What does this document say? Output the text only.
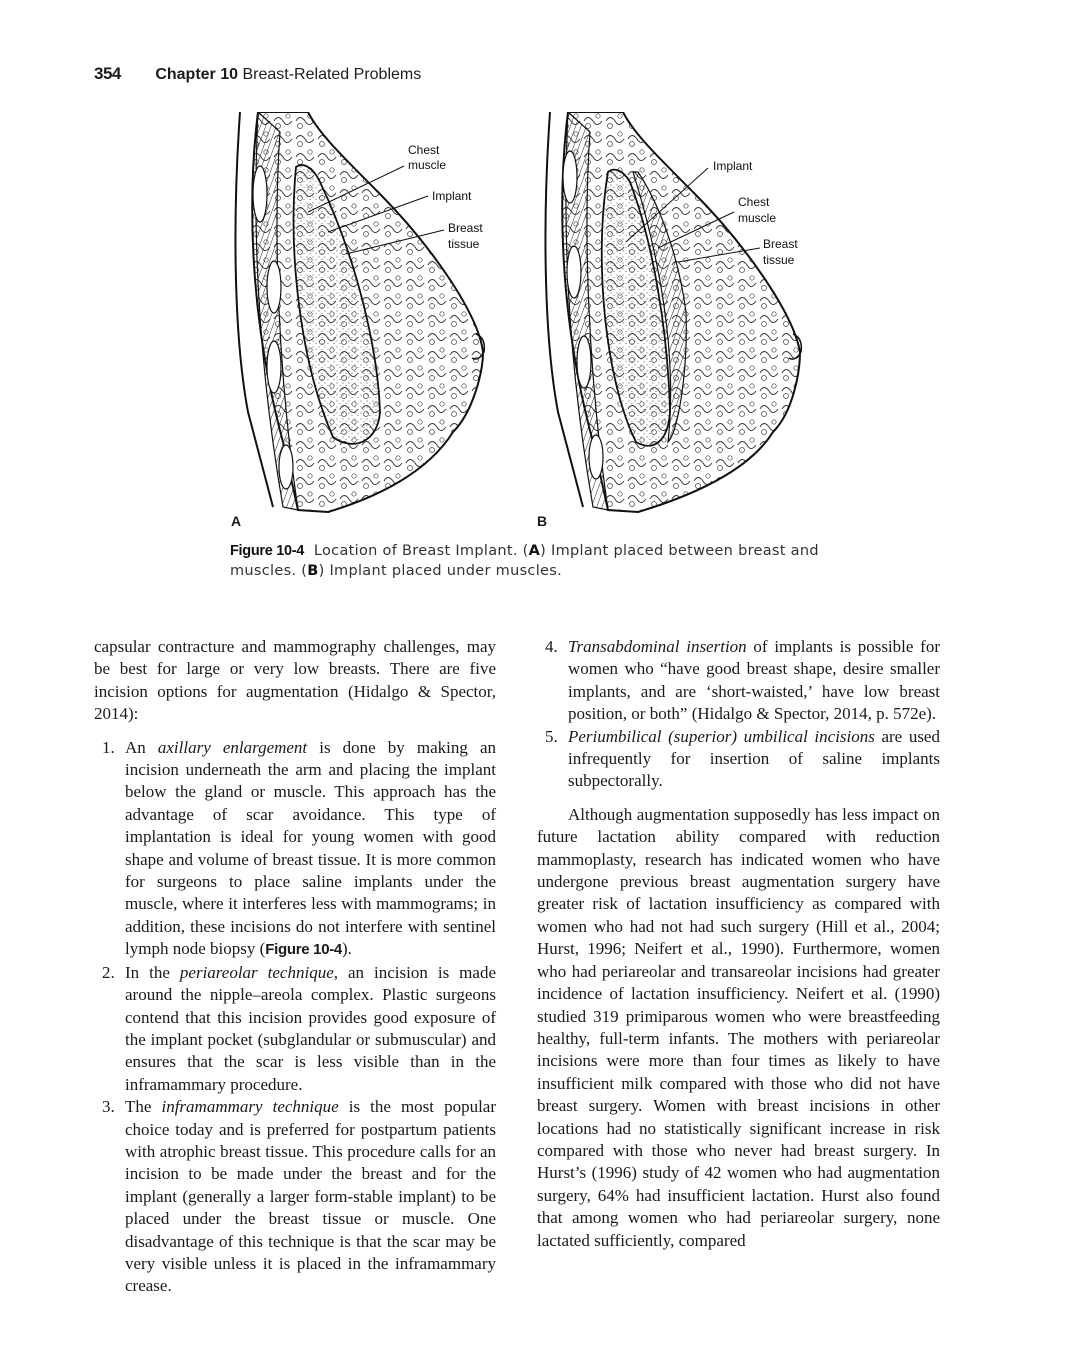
354 Chapter 10 Breast-Related Problems
Chest
muscle
Implant
Breast
tissue
Implant
Chest
muscle
Breast
tissue
A	B
Figure 10-4 Location of Breast Implant. (A) Implant placed between breast and muscles. (B) Implant placed under muscles.

capsular contracture and mammography challenges, may be best for large or very low breasts. There are five incision options for augmentation (Hidalgo & Spector, 2014):

1. An axillary enlargement is done by making an incision underneath the arm and placing the implant below the gland or muscle. This approach has the advantage of scar avoidance. This type of implantation is ideal for young women with good shape and volume of breast tissue. It is more common for surgeons to place saline implants under the muscle, where it interferes less with mammograms; in addition, these incisions do not interfere with sentinel lymph node biopsy (Figure 10-4).
2. In the periareolar technique, an incision is made around the nipple–areola complex. Plastic surgeons contend that this incision provides good exposure of the implant pocket (subglandular or submuscular) and ensures that the scar is less visible than in the inframammary procedure.
3. The inframammary technique is the most popular choice today and is preferred for postpartum patients with atrophic breast tissue. This procedure calls for an incision to be made under the breast and for the implant (generally a larger form-stable implant) to be placed under the breast tissue or muscle. One disadvantage of this technique is that the scar may be very visible unless it is placed in the inframammary crease.
4. Transabdominal insertion of implants is possible for women who “have good breast shape, desire smaller implants, and are ‘short-waisted,’ have low breast position, or both” (Hidalgo & Spector, 2014, p. 572e).
5. Periumbilical (superior) umbilical incisions are used infrequently for insertion of saline implants subpectorally.

Although augmentation supposedly has less impact on future lactation ability compared with reduction mammoplasty, research has indicated women who have undergone previous breast augmentation surgery have greater risk of lactation insufficiency as compared with women who had not had such surgery (Hill et al., 2004; Hurst, 1996; Neifert et al., 1990). Furthermore, women who had periareolar and transareolar incisions had greater incidence of lactation insufficiency. Neifert et al. (1990) studied 319 primiparous women who were breastfeeding healthy, full-term infants. The mothers with periareolar incisions were more than four times as likely to have insufficient milk compared with those who did not have breast surgery. Women with breast incisions in other locations had no statistically significant increase in risk compared with those who never had breast surgery. In Hurst’s (1996) study of 42 women who had augmentation surgery, 64% had insufficient lactation. Hurst also found that among women who had periareolar surgery, none lactated sufficiently, compared
